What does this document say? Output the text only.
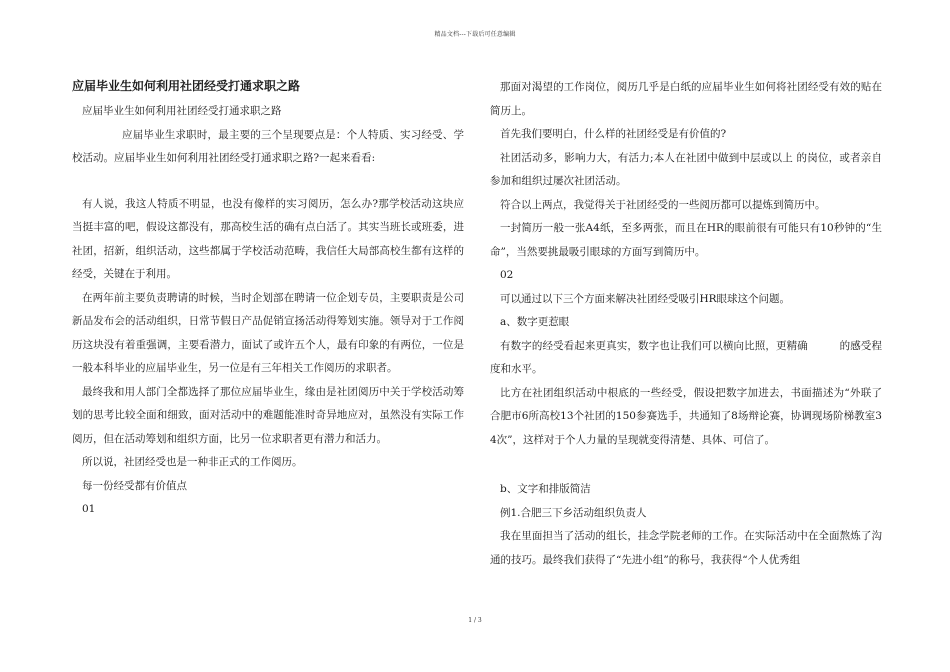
精品文档---下载后可任意编辑

应届毕业生如何利用社团经受打通求职之路

应届毕业生如何利用社团经受打通求职之路

应届毕业生求职时，最主要的三个呈现要点是：个人特质、实习经受、学校活动。应届毕业生如何利用社团经受打通求职之路?一起来看看:

有人说，我这人特质不明显，也没有像样的实习阅历，怎么办?那学校活动这块应当挺丰富的吧，假设这都没有，那高校生活的确有点白活了。其实当班长或班委，进社团，招新，组织活动，这些都属于学校活动范畴，我信任大局部高校生都有这样的经受，关键在于利用。

在两年前主要负责聘请的时候，当时企划部在聘请一位企划专员，主要职责是公司新品发布会的活动组织，日常节假日产品促销宣扬活动得筹划实施。领导对于工作阅历这块没有着重强调，主要看潜力，面试了或许五个人，最有印象的有两位，一位是一般本科毕业的应届毕业生，另一位是有三年相关工作阅历的求职者。

最终我和用人部门全都选择了那位应届毕业生，缘由是社团阅历中关于学校活动筹划的思考比较全面和细致，面对活动中的难题能准时奇异地应对，虽然没有实际工作阅历，但在活动筹划和组织方面，比另一位求职者更有潜力和活力。

所以说，社团经受也是一种非正式的工作阅历。

每一份经受都有价值点

01

那面对渴望的工作岗位，阅历几乎是白纸的应届毕业生如何将社团经受有效的贴在简历上。

首先我们要明白，什么样的社团经受是有价值的?

社团活动多，影响力大，有活力;本人在社团中做到中层或以上 的岗位，或者亲自参加和组织过屡次社团活动。

符合以上两点，我觉得关于社团经受的一些阅历都可以提炼到简历中。

一封简历一般一张A4纸，至多两张，而且在HR的眼前很有可能只有10秒钟的“生命”，当然要挑最吸引眼球的方面写到简历中。

02

可以通过以下三个方面来解决社团经受吸引HR眼球这个问题。

a、数字更惹眼

有数字的经受看起来更真实，数字也让我们可以横向比照，更精确　　　的感受程度和水平。

比方在社团组织活动中根底的一些经受，假设把数字加进去，书面描述为“外联了合肥市6所高校13个社团的150参赛选手，共通知了8场辩论赛，协调现场阶梯教室34次”，这样对于个人力量的呈现就变得清楚、具体、可信了。

b、文字和排版简洁

例1.合肥三下乡活动组织负责人

我在里面担当了活动的组长，挂念学院老师的工作。在实际活动中在全面熬炼了沟通的技巧。最终我们获得了“先进小组”的称号，我获得“个人优秀组

1 / 3
